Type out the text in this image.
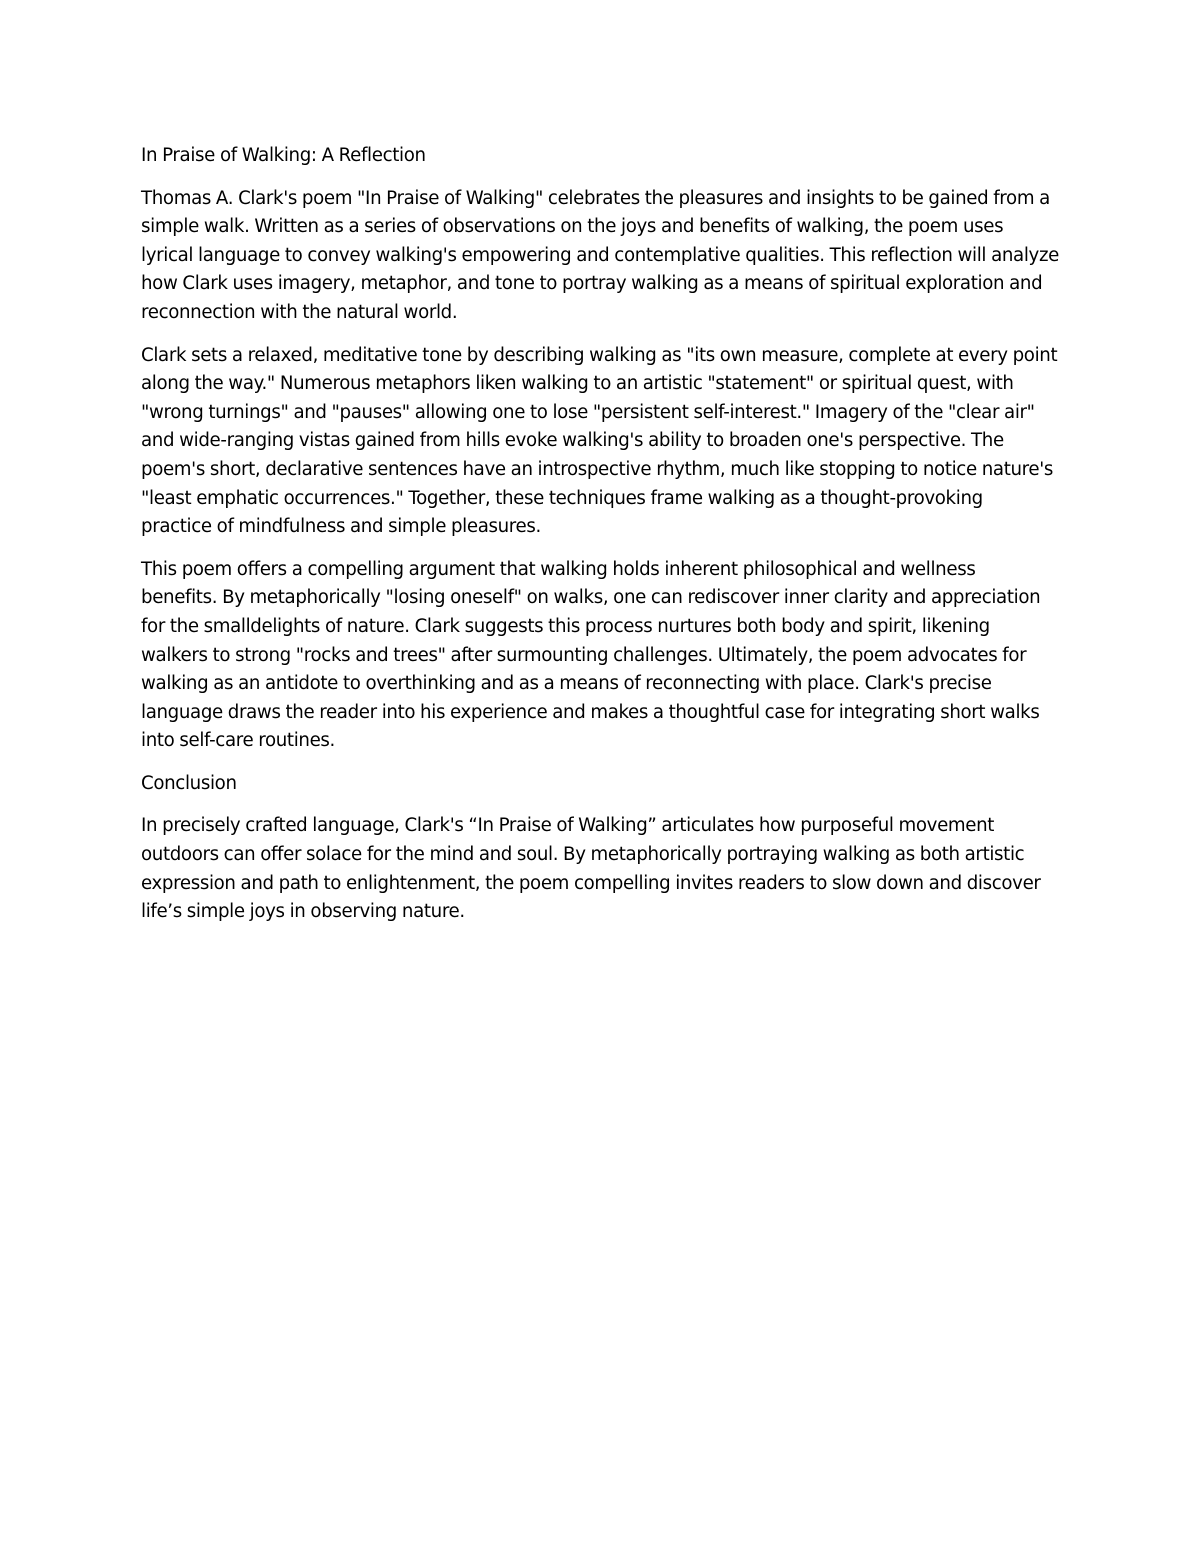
In Praise of Walking: A Reflection

Thomas A. Clark's poem "In Praise of Walking" celebrates the pleasures and insights to be gained from a
simple walk. Written as a series of observations on the joys and benefits of walking, the poem uses
lyrical language to convey walking's empowering and contemplative qualities. This reflection will analyze
how Clark uses imagery, metaphor, and tone to portray walking as a means of spiritual exploration and
reconnection with the natural world.

Clark sets a relaxed, meditative tone by describing walking as "its own measure, complete at every point
along the way." Numerous metaphors liken walking to an artistic "statement" or spiritual quest, with
"wrong turnings" and "pauses" allowing one to lose "persistent self-interest." Imagery of the "clear air"
and wide-ranging vistas gained from hills evoke walking's ability to broaden one's perspective. The
poem's short, declarative sentences have an introspective rhythm, much like stopping to notice nature's
"least emphatic occurrences." Together, these techniques frame walking as a thought-provoking
practice of mindfulness and simple pleasures.

This poem offers a compelling argument that walking holds inherent philosophical and wellness
benefits. By metaphorically "losing oneself" on walks, one can rediscover inner clarity and appreciation
for the smalldelights of nature. Clark suggests this process nurtures both body and spirit, likening
walkers to strong "rocks and trees" after surmounting challenges. Ultimately, the poem advocates for
walking as an antidote to overthinking and as a means of reconnecting with place. Clark's precise
language draws the reader into his experience and makes a thoughtful case for integrating short walks
into self-care routines.

Conclusion

In precisely crafted language, Clark's “In Praise of Walking” articulates how purposeful movement
outdoors can offer solace for the mind and soul. By metaphorically portraying walking as both artistic
expression and path to enlightenment, the poem compelling invites readers to slow down and discover
life’s simple joys in observing nature.
